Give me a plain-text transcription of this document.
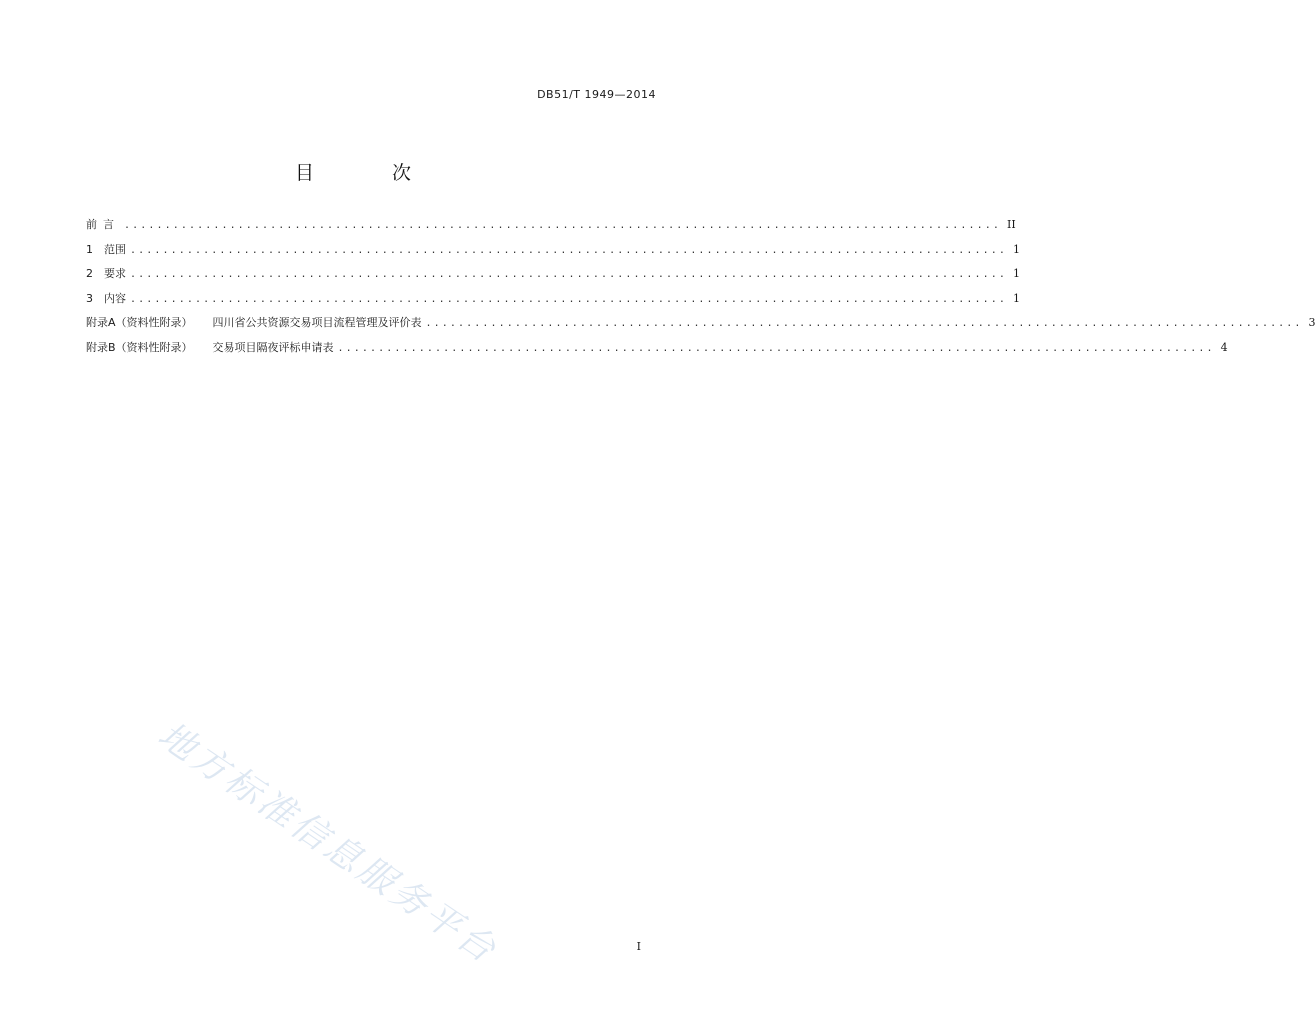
DB51/T 1949—2014
目 次
前言 ............................................................................................................ II
1	范围 ............................................................................................................ 1
2	要求 ............................................................................................................ 1
3	内容 ............................................................................................................ 1
附录A（资料性附录） 四川省公共资源交易项目流程管理及评价表 ............................................................................................................ 3
附录B（资料性附录） 交易项目隔夜评标申请表 ............................................................................................................ 4
地方标准信息服务平台	I
